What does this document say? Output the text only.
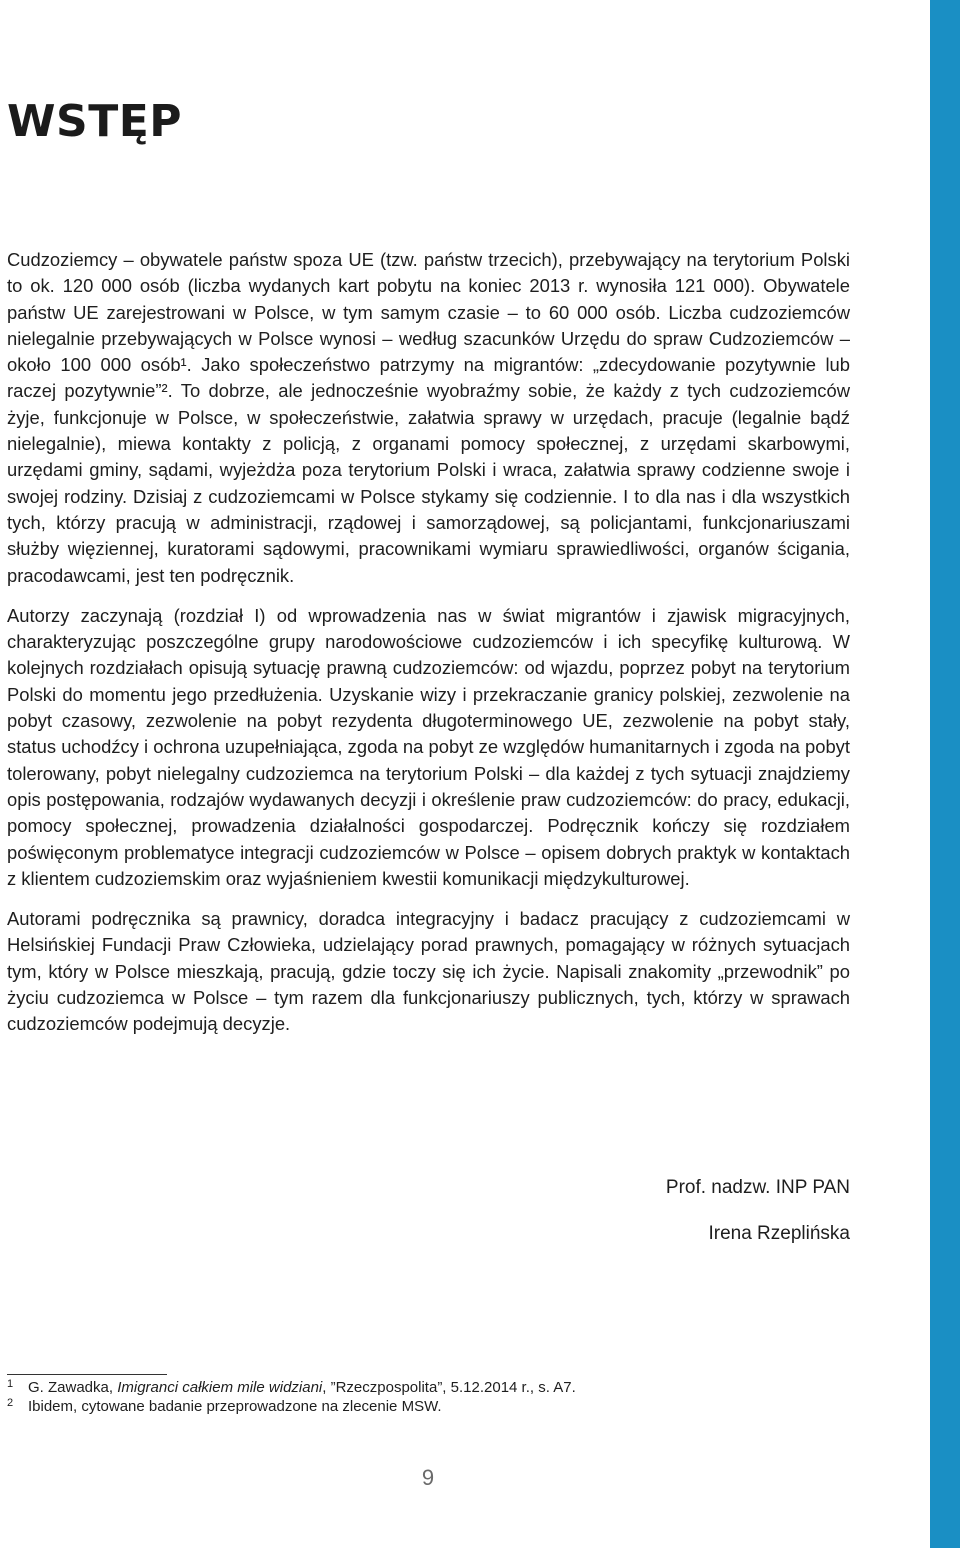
WSTĘP

Cudzoziemcy – obywatele państw spoza UE (tzw. państw trzecich), przebywający na terytorium Polski to ok. 120 000 osób (liczba wydanych kart pobytu na koniec 2013 r. wynosiła 121 000). Obywatele państw UE zarejestrowani w Polsce, w tym samym czasie – to 60 000 osób. Liczba cudzoziemców nielegalnie przebywających w Polsce wynosi – według szacunków Urzędu do spraw Cudzoziemców – około 100 000 osób¹. Jako społeczeństwo patrzymy na migrantów: „zdecydowanie pozytywnie lub raczej pozytywnie”². To dobrze, ale jednocześnie wyobraźmy sobie, że każdy z tych cudzoziemców żyje, funkcjonuje w Polsce, w społeczeństwie, załatwia sprawy w urzędach, pracuje (legalnie bądź nielegalnie), miewa kontakty z policją, z organami pomocy społecznej, z urzędami skarbowymi, urzędami gminy, sądami, wyjeżdża poza terytorium Polski i wraca, załatwia sprawy codzienne swoje i swojej rodziny. Dzisiaj z cudzoziemcami w Polsce stykamy się codziennie. I to dla nas i dla wszystkich tych, którzy pracują w administracji, rządowej i samorządowej, są policjantami, funkcjonariuszami służby więziennej, kuratorami sądowymi, pracownikami wymiaru sprawiedliwości, organów ścigania, pracodawcami, jest ten podręcznik.

Autorzy zaczynają (rozdział I) od wprowadzenia nas w świat migrantów i zjawisk migracyjnych, charakteryzując poszczególne grupy narodowościowe cudzoziemców i ich specyfikę kulturową. W kolejnych rozdziałach opisują sytuację prawną cudzoziemców: od wjazdu, poprzez pobyt na terytorium Polski do momentu jego przedłużenia. Uzyskanie wizy i przekraczanie granicy polskiej, zezwolenie na pobyt czasowy, zezwolenie na pobyt rezydenta długoterminowego UE, zezwolenie na pobyt stały, status uchodźcy i ochrona uzupełniająca, zgoda na pobyt ze względów humanitarnych i zgoda na pobyt tolerowany, pobyt nielegalny cudzoziemca na terytorium Polski – dla każdej z tych sytuacji znajdziemy opis postępowania, rodzajów wydawanych decyzji i określenie praw cudzoziemców: do pracy, edukacji, pomocy społecznej, prowadzenia działalności gospodarczej. Podręcznik kończy się rozdziałem poświęconym problematyce integracji cudzoziemców w Polsce – opisem dobrych praktyk w kontaktach z klientem cudzoziemskim oraz wyjaśnieniem kwestii komunikacji międzykulturowej.

Autorami podręcznika są prawnicy, doradca integracyjny i badacz pracujący z cudzoziemcami w Helsińskiej Fundacji Praw Człowieka, udzielający porad prawnych, pomagający w różnych sytuacjach tym, który w Polsce mieszkają, pracują, gdzie toczy się ich życie. Napisali znakomity „przewodnik” po życiu cudzoziemca w Polsce – tym razem dla funkcjonariuszy publicznych, tych, którzy w sprawach cudzoziemców podejmują decyzje.

Prof. nadzw. INP PAN
Irena Rzeplińska
1 G. Zawadka, Imigranci całkiem mile widziani, ”Rzeczpospolita”, 5.12.2014 r., s. A7.
2 Ibidem, cytowane badanie przeprowadzone na zlecenie MSW.
9
